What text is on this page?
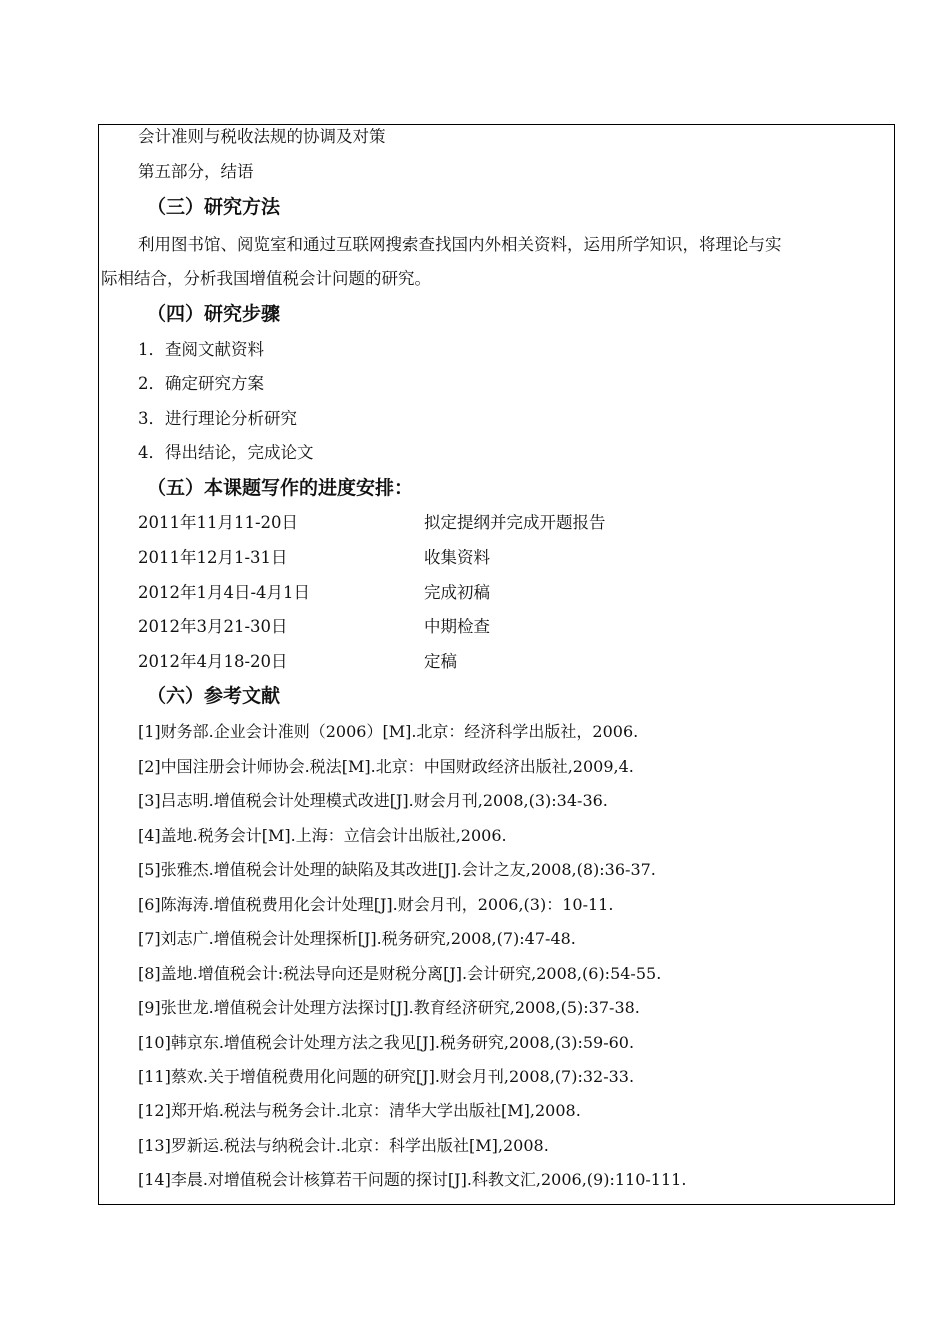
会计准则与税收法规的协调及对策
第五部分，结语
（三）研究方法
利用图书馆、阅览室和通过互联网搜索查找国内外相关资料，运用所学知识，将理论与实
际相结合，分析我国增值税会计问题的研究。
（四）研究步骤
1．查阅文献资料
2．确定研究方案
3．进行理论分析研究
4．得出结论，完成论文
（五）本课题写作的进度安排：
2011年11月11-20日	拟定提纲并完成开题报告
2011年12月1-31日	收集资料
2012年1月4日-4月1日	完成初稿
2012年3月21-30日	中期检查
2012年4月18-20日	定稿
（六）参考文献
[1]财务部.企业会计准则（2006）[M].北京：经济科学出版社，2006.
[2]中国注册会计师协会.税法[M].北京：中国财政经济出版社,2009,4.
[3]吕志明.增值税会计处理模式改进[J].财会月刊,2008,(3):34-36.
[4]盖地.税务会计[M].上海：立信会计出版社,2006.
[5]张雅杰.增值税会计处理的缺陷及其改进[J].会计之友,2008,(8):36-37.
[6]陈海涛.增值税费用化会计处理[J].财会月刊，2006,(3)：10-11.
[7]刘志广.增值税会计处理探析[J].税务研究,2008,(7):47-48.
[8]盖地.增值税会计:税法导向还是财税分离[J].会计研究,2008,(6):54-55.
[9]张世龙.增值税会计处理方法探讨[J].教育经济研究,2008,(5):37-38.
[10]韩京东.增值税会计处理方法之我见[J].税务研究,2008,(3):59-60.
[11]蔡欢.关于增值税费用化问题的研究[J].财会月刊,2008,(7):32-33.
[12]郑开焰.税法与税务会计.北京：清华大学出版社[M],2008.
[13]罗新运.税法与纳税会计.北京：科学出版社[M],2008.
[14]李晨.对增值税会计核算若干问题的探讨[J].科教文汇,2006,(9):110-111.
